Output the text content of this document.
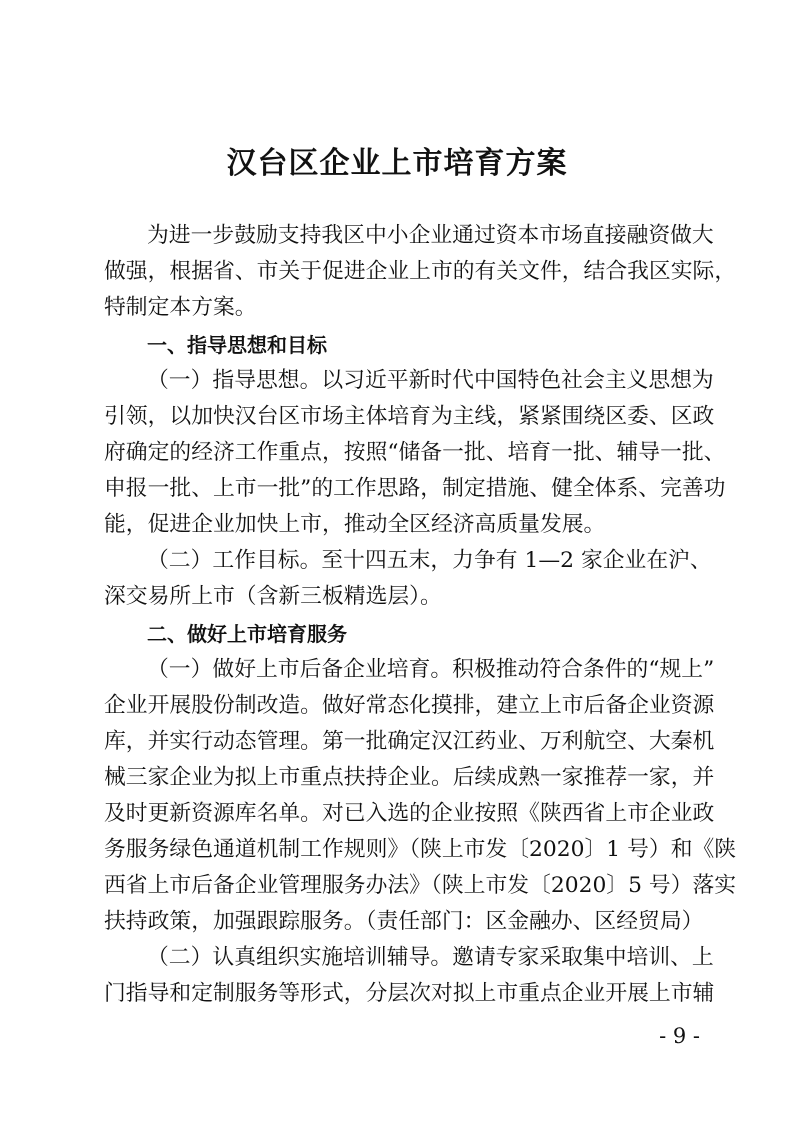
汉台区企业上市培育方案
为进一步鼓励支持我区中小企业通过资本市场直接融资做大
做强，根据省、市关于促进企业上市的有关文件，结合我区实际，
特制定本方案。
一、指导思想和目标
（一）指导思想。以习近平新时代中国特色社会主义思想为
引领，以加快汉台区市场主体培育为主线，紧紧围绕区委、区政
府确定的经济工作重点，按照“储备一批、培育一批、辅导一批、
申报一批、上市一批”的工作思路，制定措施、健全体系、完善功
能，促进企业加快上市，推动全区经济高质量发展。
（二）工作目标。至十四五末，力争有 1—2 家企业在沪、
深交易所上市（含新三板精选层）。
二、做好上市培育服务
（一）做好上市后备企业培育。积极推动符合条件的“规上”
企业开展股份制改造。做好常态化摸排，建立上市后备企业资源
库，并实行动态管理。第一批确定汉江药业、万利航空、大秦机
械三家企业为拟上市重点扶持企业。后续成熟一家推荐一家，并
及时更新资源库名单。对已入选的企业按照《陕西省上市企业政
务服务绿色通道机制工作规则》（陕上市发〔2020〕1 号）和《陕
西省上市后备企业管理服务办法》（陕上市发〔2020〕5 号）落实
扶持政策，加强跟踪服务。（责任部门：区金融办、区经贸局）
（二）认真组织实施培训辅导。邀请专家采取集中培训、上
门指导和定制服务等形式，分层次对拟上市重点企业开展上市辅
- 9 -
